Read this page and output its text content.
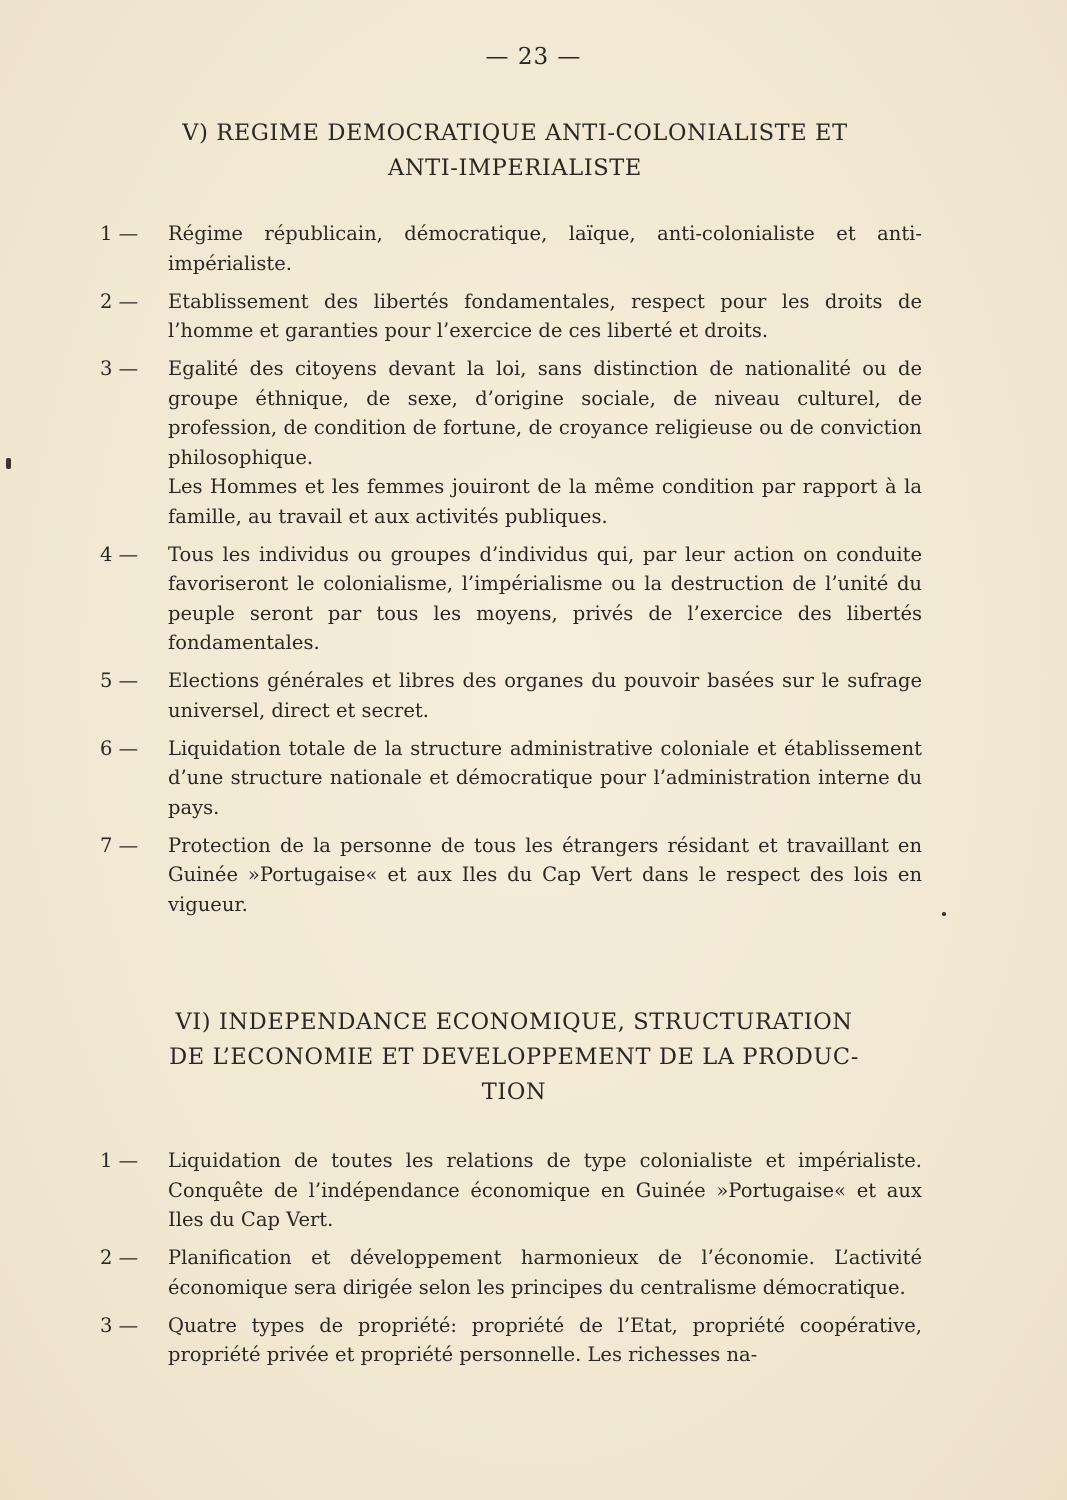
— 23 —
V) REGIME DEMOCRATIQUE ANTI-COLONIALISTE ET
ANTI-IMPERIALISTE
1 —	Régime républicain, démocratique, laïque, anti-colonialiste et anti-impérialiste.
2 —	Etablissement des libertés fondamentales, respect pour les droits de l’homme et garanties pour l’exercice de ces liberté et droits.
3 —	Egalité des citoyens devant la loi, sans distinction de nationalité ou de groupe éthnique, de sexe, d’origine sociale, de niveau culturel, de profession, de condition de fortune, de croyance religieuse ou de conviction philosophique.
Les Hommes et les femmes jouiront de la même condition par rapport à la famille, au travail et aux activités publiques.
4 —	Tous les individus ou groupes d’individus qui, par leur action on conduite favoriseront le colonialisme, l’impérialisme ou la destruction de l’unité du peuple seront par tous les moyens, privés de l’exercice des libertés fondamentales.
5 —	Elections générales et libres des organes du pouvoir basées sur le sufrage universel, direct et secret.
6 —	Liquidation totale de la structure administrative coloniale et établissement d’une structure nationale et démocratique pour l’administration interne du pays.
7 —	Protection de la personne de tous les étrangers résidant et travaillant en Guinée »Portugaise« et aux Iles du Cap Vert dans le respect des lois en vigueur.
VI) INDEPENDANCE ECONOMIQUE, STRUCTURATION
DE L’ECONOMIE ET DEVELOPPEMENT DE LA PRODUC-
TION
1 —	Liquidation de toutes les relations de type colonialiste et impérialiste. Conquête de l’indépendance économique en Guinée »Portugaise« et aux Iles du Cap Vert.
2 —	Planification et développement harmonieux de l’économie. L’activité économique sera dirigée selon les principes du centralisme démocratique.
3 —	Quatre types de propriété: propriété de l’Etat, propriété coopérative, propriété privée et propriété personnelle. Les richesses na-
